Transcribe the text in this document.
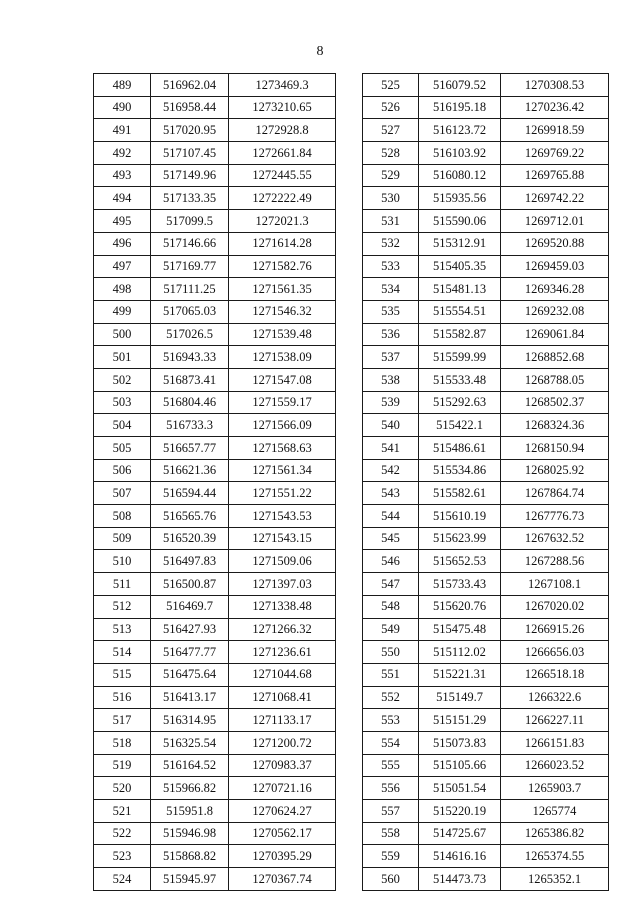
8
489	516962.04	1273469.3
490	516958.44	1273210.65
491	517020.95	1272928.8
492	517107.45	1272661.84
493	517149.96	1272445.55
494	517133.35	1272222.49
495	517099.5	1272021.3
496	517146.66	1271614.28
497	517169.77	1271582.76
498	517111.25	1271561.35
499	517065.03	1271546.32
500	517026.5	1271539.48
501	516943.33	1271538.09
502	516873.41	1271547.08
503	516804.46	1271559.17
504	516733.3	1271566.09
505	516657.77	1271568.63
506	516621.36	1271561.34
507	516594.44	1271551.22
508	516565.76	1271543.53
509	516520.39	1271543.15
510	516497.83	1271509.06
511	516500.87	1271397.03
512	516469.7	1271338.48
513	516427.93	1271266.32
514	516477.77	1271236.61
515	516475.64	1271044.68
516	516413.17	1271068.41
517	516314.95	1271133.17
518	516325.54	1271200.72
519	516164.52	1270983.37
520	515966.82	1270721.16
521	515951.8	1270624.27
522	515946.98	1270562.17
523	515868.82	1270395.29
524	515945.97	1270367.74
525	516079.52	1270308.53
526	516195.18	1270236.42
527	516123.72	1269918.59
528	516103.92	1269769.22
529	516080.12	1269765.88
530	515935.56	1269742.22
531	515590.06	1269712.01
532	515312.91	1269520.88
533	515405.35	1269459.03
534	515481.13	1269346.28
535	515554.51	1269232.08
536	515582.87	1269061.84
537	515599.99	1268852.68
538	515533.48	1268788.05
539	515292.63	1268502.37
540	515422.1	1268324.36
541	515486.61	1268150.94
542	515534.86	1268025.92
543	515582.61	1267864.74
544	515610.19	1267776.73
545	515623.99	1267632.52
546	515652.53	1267288.56
547	515733.43	1267108.1
548	515620.76	1267020.02
549	515475.48	1266915.26
550	515112.02	1266656.03
551	515221.31	1266518.18
552	515149.7	1266322.6
553	515151.29	1266227.11
554	515073.83	1266151.83
555	515105.66	1266023.52
556	515051.54	1265903.7
557	515220.19	1265774
558	514725.67	1265386.82
559	514616.16	1265374.55
560	514473.73	1265352.1
